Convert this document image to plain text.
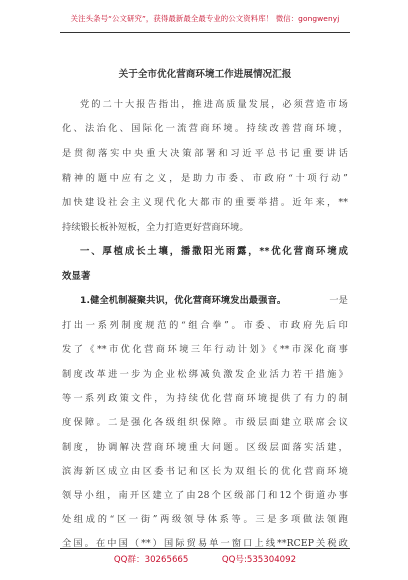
关注头条号“公文研究”，获得最新最全最专业的公文资料库！ 微信：gongwenyj
关于全市优化营商环境工作进展情况汇报
党的二十大报告指出，推进高质量发展，必须营造市场
化、法治化、国际化一流营商环境。持续改善营商环境，
是贯彻落实中央重大决策部署和习近平总书记重要讲话
精神的题中应有之义，是助力市委、市政府“十项行动”
加快建设社会主义现代化大都市的重要举措。近年来，**
持续锻长板补短板，全力打造更好营商环境。
一、厚植成长土壤，播撒阳光雨露，**优化营商环境成
效显著
1.健全机制凝聚共识，优化营商环境发出最强音。	一是
打出一系列制度规范的“组合拳”。市委、市政府先后印
发了《**市优化营商环境三年行动计划》《**市深化商事
制度改革进一步为企业松绑减负激发企业活力若干措施》
等一系列政策文件，为持续优化营商环境提供了有力的制
度保障。二是强化各级组织保障。市级层面建立联席会议
制度，协调解决营商环境重大问题。区级层面落实活建，
滨海新区成立由区委书记和区长为双组长的优化营商环境
领导小组，南开区建立了由28个区级部门和12个街道办事
处组成的“区一街”两级领导体系等。三是多项做法领跑
全国。在中国（**）国际贸易单一窗口上线**RCEP关税政
QQ群：30265665	QQ号:535304092
